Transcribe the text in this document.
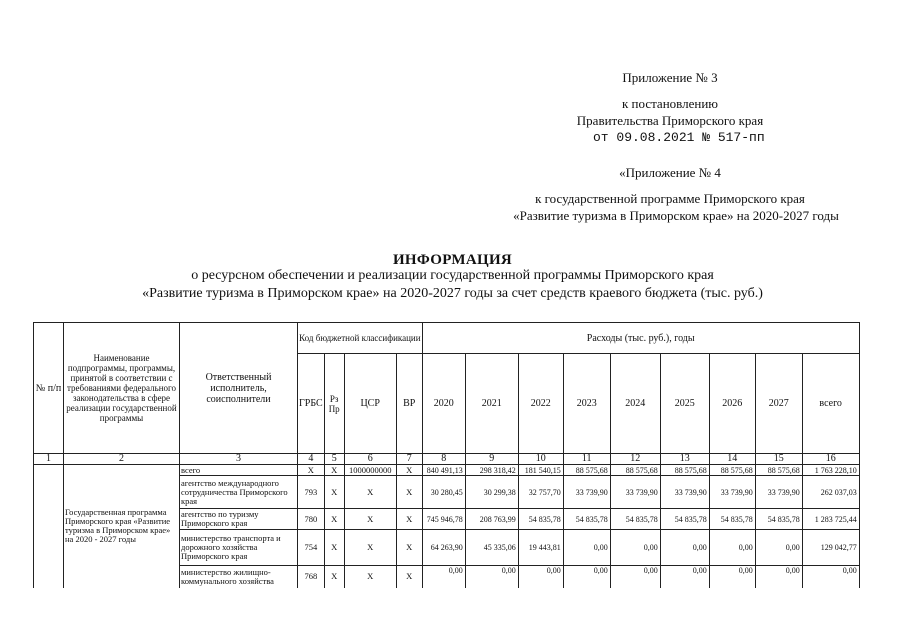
Приложение № 3
к постановлению
Правительства Приморского края
от 09.08.2021 № 517-пп
«Приложение № 4
к государственной программе Приморского края
«Развитие туризма в Приморском крае» на 2020-2027 годы
ИНФОРМАЦИЯ
о ресурсном обеспечении и реализации государственной программы Приморского края
«Развитие туризма в Приморском крае» на 2020-2027 годы за счет средств краевого бюджета (тыс. руб.)
№ п/п	Наименование подпрограммы, программы, принятой в соответствии с требованиями федерального законодательства в сфере реализации государственной программы	Ответственный исполнитель, соисполнители	Код бюджетной классификации				Расходы (тыс. руб.), годы								
			ГРБС	Рз Пр	ЦСР	ВР	2020	2021	2022	2023	2024	2025	2026	2027	всего
1	2	3	4	5	6	7	8	9	10	11	12	13	14	15	16
	Государственная программа Приморского края «Развитие туризма в Приморском крае» на 2020 - 2027 годы	всего	X	X	1000000000	X	840 491,13	298 318,42	181 540,15	88 575,68	88 575,68	88 575,68	88 575,68	88 575,68	1 763 228,10
		агентство международного сотрудничества Приморского края	793	X	X	X	30 280,45	30 299,38	32 757,70	33 739,90	33 739,90	33 739,90	33 739,90	33 739,90	262 037,03
		агентство по туризму Приморского края	780	X	X	X	745 946,78	208 763,99	54 835,78	54 835,78	54 835,78	54 835,78	54 835,78	54 835,78	1 283 725,44
		министерство транспорта и дорожного хозяйства Приморского края	754	X	X	X	64 263,90	45 335,06	19 443,81	0,00	0,00	0,00	0,00	0,00	129 042,77
		министерство жилищно-коммунального хозяйства	768	X	X	X	0,00	0,00	0,00	0,00	0,00	0,00	0,00	0,00	0,00
